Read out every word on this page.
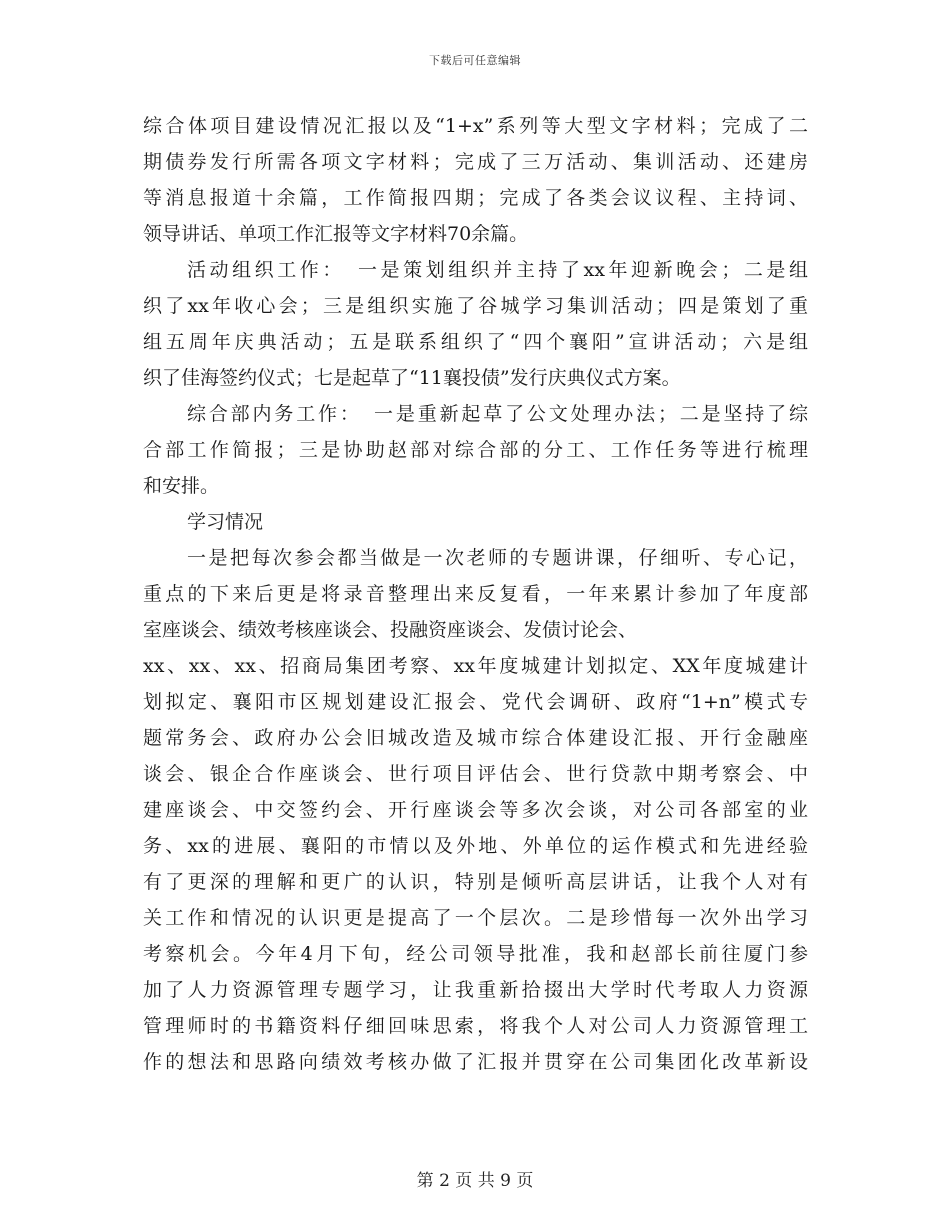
下载后可任意编辑
综合体项目建设情况汇报以及“1+x”系列等大型文字材料；完成了二
期债券发行所需各项文字材料；完成了三万活动、集训活动、还建房
等消息报道十余篇，工作简报四期；完成了各类会议议程、主持词、
领导讲话、单项工作汇报等文字材料70余篇。
活动组织工作：　一是策划组织并主持了xx年迎新晚会；二是组
织了xx年收心会；三是组织实施了谷城学习集训活动；四是策划了重
组五周年庆典活动；五是联系组织了“四个襄阳”宣讲活动；六是组
织了佳海签约仪式；七是起草了“11襄投债”发行庆典仪式方案。
综合部内务工作：　一是重新起草了公文处理办法；二是坚持了综
合部工作简报；三是协助赵部对综合部的分工、工作任务等进行梳理
和安排。
学习情况
一是把每次参会都当做是一次老师的专题讲课，仔细听、专心记，
重点的下来后更是将录音整理出来反复看，一年来累计参加了年度部
室座谈会、绩效考核座谈会、投融资座谈会、发债讨论会、
xx、xx、xx、招商局集团考察、xx年度城建计划拟定、XX年度城建计
划拟定、襄阳市区规划建设汇报会、党代会调研、政府“1+n”模式专
题常务会、政府办公会旧城改造及城市综合体建设汇报、开行金融座
谈会、银企合作座谈会、世行项目评估会、世行贷款中期考察会、中
建座谈会、中交签约会、开行座谈会等多次会谈，对公司各部室的业
务、xx的进展、襄阳的市情以及外地、外单位的运作模式和先进经验
有了更深的理解和更广的认识，特别是倾听高层讲话，让我个人对有
关工作和情况的认识更是提高了一个层次。二是珍惜每一次外出学习
考察机会。今年4月下旬，经公司领导批准，我和赵部长前往厦门参
加了人力资源管理专题学习，让我重新拾掇出大学时代考取人力资源
管理师时的书籍资料仔细回味思索，将我个人对公司人力资源管理工
作的想法和思路向绩效考核办做了汇报并贯穿在公司集团化改革新设
第 2 页 共 9 页
